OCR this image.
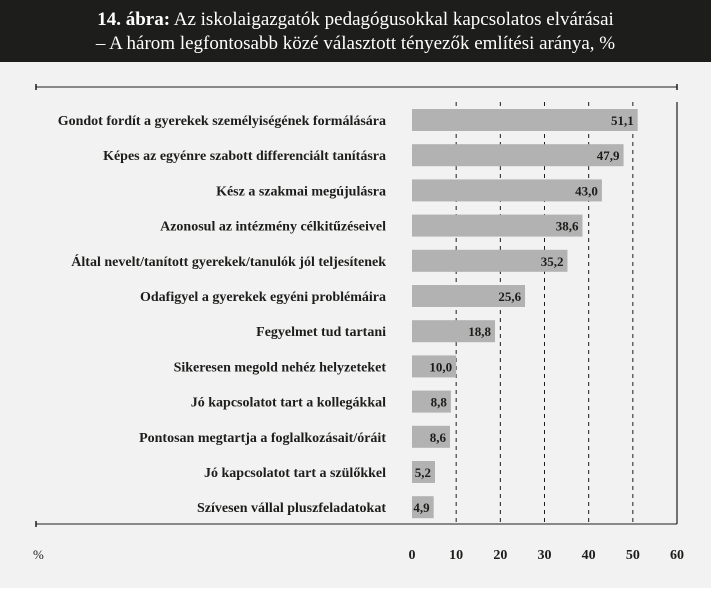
14. ábra: Az iskolaigazgatók pedagógusokkal kapcsolatos elvárásai
– A három legfontosabb közé választott tényezők említési aránya, %
Gondot fordít a gyerekek személyiségének formálására	51,1
Képes az egyénre szabott differenciált tanításra	47,9
Kész a szakmai megújulásra	43,0
Azonosul az intézmény célkitűzéseivel	38,6
Által nevelt/tanított gyerekek/tanulók jól teljesítenek	35,2
Odafigyel a gyerekek egyéni problémáira	25,6
Fegyelmet tud tartani	18,8
Sikeresen megold nehéz helyzeteket	10,0
Jó kapcsolatot tart a kollegákkal	8,8
Pontosan megtartja a foglalkozásait/óráit	8,6
Jó kapcsolatot tart a szülőkkel 5,2
Szívesen vállal pluszfeladatokat 4,9
0 10 20 30 40 50 60
%
